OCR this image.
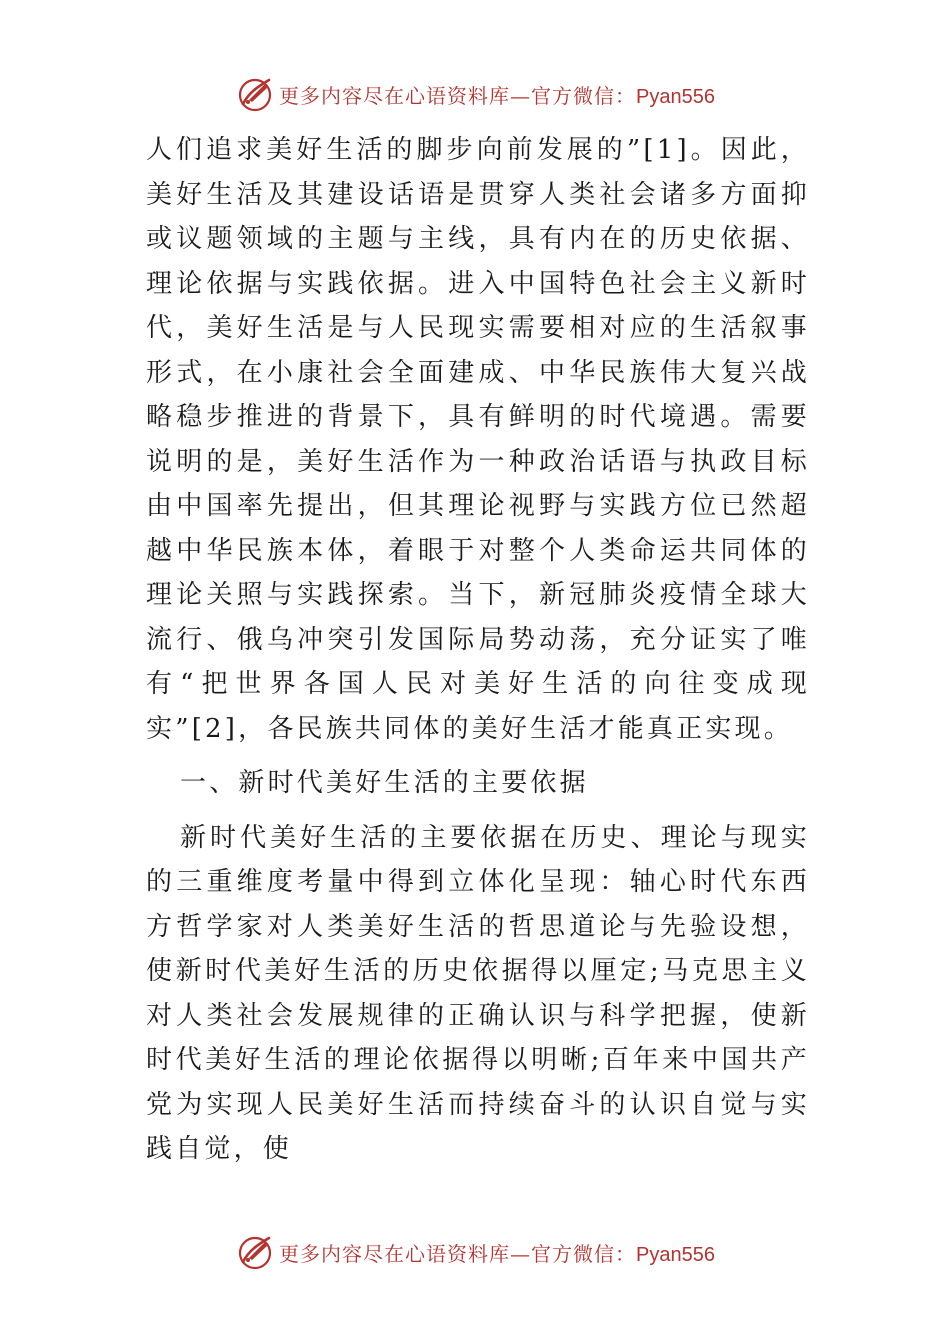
更多内容尽在心语资料库—官方微信：Pyan556

人们追求美好生活的脚步向前发展的”[1]。因此，美好生活及其建设话语是贯穿人类社会诸多方面抑或议题领域的主题与主线，具有内在的历史依据、理论依据与实践依据。进入中国特色社会主义新时代，美好生活是与人民现实需要相对应的生活叙事形式，在小康社会全面建成、中华民族伟大复兴战略稳步推进的背景下，具有鲜明的时代境遇。需要说明的是，美好生活作为一种政治话语与执政目标由中国率先提出，但其理论视野与实践方位已然超越中华民族本体，着眼于对整个人类命运共同体的理论关照与实践探索。当下，新冠肺炎疫情全球大流行、俄乌冲突引发国际局势动荡，充分证实了唯有“把世界各国人民对美好生活的向往变成现实”[2]，各民族共同体的美好生活才能真正实现。

一、新时代美好生活的主要依据

新时代美好生活的主要依据在历史、理论与现实的三重维度考量中得到立体化呈现：轴心时代东西方哲学家对人类美好生活的哲思道论与先验设想，使新时代美好生活的历史依据得以厘定;马克思主义对人类社会发展规律的正确认识与科学把握，使新时代美好生活的理论依据得以明晰;百年来中国共产党为实现人民美好生活而持续奋斗的认识自觉与实践自觉，使

更多内容尽在心语资料库—官方微信：Pyan556
